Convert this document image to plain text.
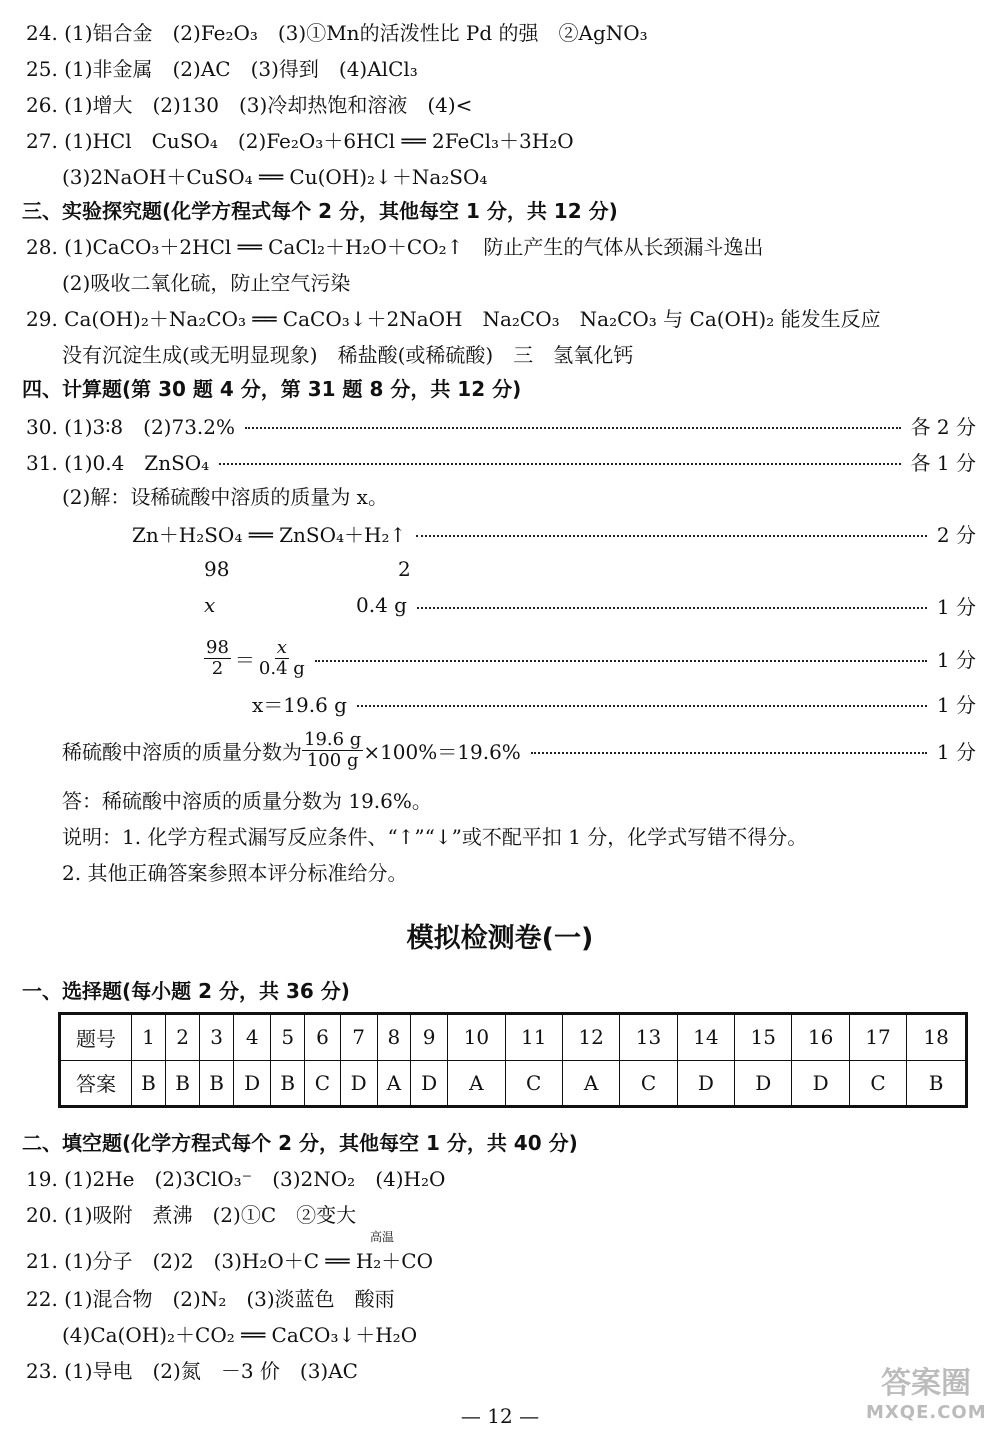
24. (1)铝合金　(2)Fe₂O₃　(3)①Mn的活泼性比 Pd 的强　②AgNO₃
25. (1)非金属　(2)AC　(3)得到　(4)AlCl₃
26. (1)增大　(2)130　(3)冷却热饱和溶液　(4)<
27. (1)HCl　CuSO₄　(2)Fe₂O₃＋6HCl ══ 2FeCl₃＋3H₂O
(3)2NaOH＋CuSO₄ ══ Cu(OH)₂↓＋Na₂SO₄
三、实验探究题(化学方程式每个 2 分，其他每空 1 分，共 12 分)
28. (1)CaCO₃＋2HCl ══ CaCl₂＋H₂O＋CO₂↑　防止产生的气体从长颈漏斗逸出
(2)吸收二氧化硫，防止空气污染
29. Ca(OH)₂＋Na₂CO₃ ══ CaCO₃↓＋2NaOH　Na₂CO₃　Na₂CO₃ 与 Ca(OH)₂ 能发生反应
没有沉淀生成(或无明显现象)　稀盐酸(或稀硫酸)　三　氢氧化钙
四、计算题(第 30 题 4 分，第 31 题 8 分，共 12 分)
30. (1)3∶8　(2)73.2%	各 2 分
31. (1)0.4　ZnSO₄	各 1 分
(2)解：设稀硫酸中溶质的质量为 x。
Zn＋H₂SO₄ ══ ZnSO₄＋H₂↑	2 分
98	2
x	0.4 g	1 分
$\frac{98}{2} = \frac{x}{0.4 g}$	1 分
x＝19.6 g	1 分
稀硫酸中溶质的质量分数为 $\frac{19.6 g}{100 g} \times 100\%=19.6\%$	1 分
答：稀硫酸中溶质的质量分数为 19.6%。
说明：1. 化学方程式漏写反应条件、“↑”“↓”或不配平扣 1 分，化学式写错不得分。
2. 其他正确答案参照本评分标准给分。
模拟检测卷(一)
一、选择题(每小题 2 分，共 36 分)
题号	1	2	3	4	5	6	7	8	9	10	11	12	13	14	15	16	17	18
答案	B	B	B	D	B	C	D	A	D	A	C	A	C	D	D	D	C	B
二、填空题(化学方程式每个 2 分，其他每空 1 分，共 40 分)
19. (1)2He　(2)3ClO₃⁻　(3)2NO₂　(4)H₂O
20. (1)吸附　煮沸　(2)①C　②变大
高温
21. (1)分子　(2)2　(3)H₂O＋C ══ H₂＋CO
22. (1)混合物　(2)N₂　(3)淡蓝色　酸雨
(4)Ca(OH)₂＋CO₂ ══ CaCO₃↓＋H₂O
23. (1)导电　(2)氮　－3 价　(3)AC
— 12 —
答案圈
MXQE.COM
